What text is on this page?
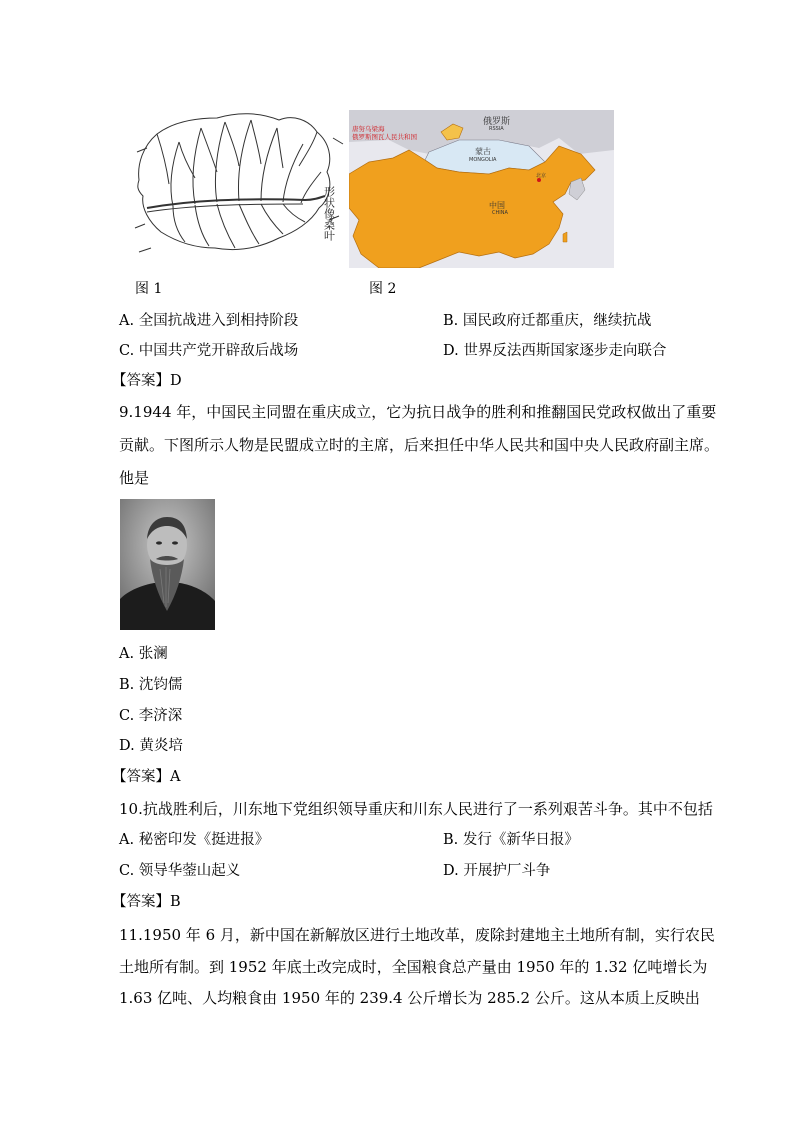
形状像桑叶
图 1
唐努乌梁海
俄罗斯图瓦人民共和国
俄罗斯
RSSIA
蒙古
MONGOLIA
北京
中国
CHINA
图 2
A. 全国抗战进入到相持阶段	B. 国民政府迁都重庆，继续抗战
C. 中国共产党开辟敌后战场	D. 世界反法西斯国家逐步走向联合
【答案】D
9.1944 年，中国民主同盟在重庆成立，它为抗日战争的胜利和推翻国民党政权做出了重要
贡献。下图所示人物是民盟成立时的主席，后来担任中华人民共和国中央人民政府副主席。
他是
A. 张澜
B. 沈钧儒
C. 李济深
D. 黄炎培
【答案】A
10.抗战胜利后，川东地下党组织领导重庆和川东人民进行了一系列艰苦斗争。其中不包括
A. 秘密印发《挺进报》	B. 发行《新华日报》
C. 领导华蓥山起义	D. 开展护厂斗争
【答案】B
11.1950 年 6 月，新中国在新解放区进行土地改革，废除封建地主土地所有制，实行农民
土地所有制。到 1952 年底土改完成时，全国粮食总产量由 1950 年的 1.32 亿吨增长为
1.63 亿吨、人均粮食由 1950 年的 239.4 公斤增长为 285.2 公斤。这从本质上反映出
